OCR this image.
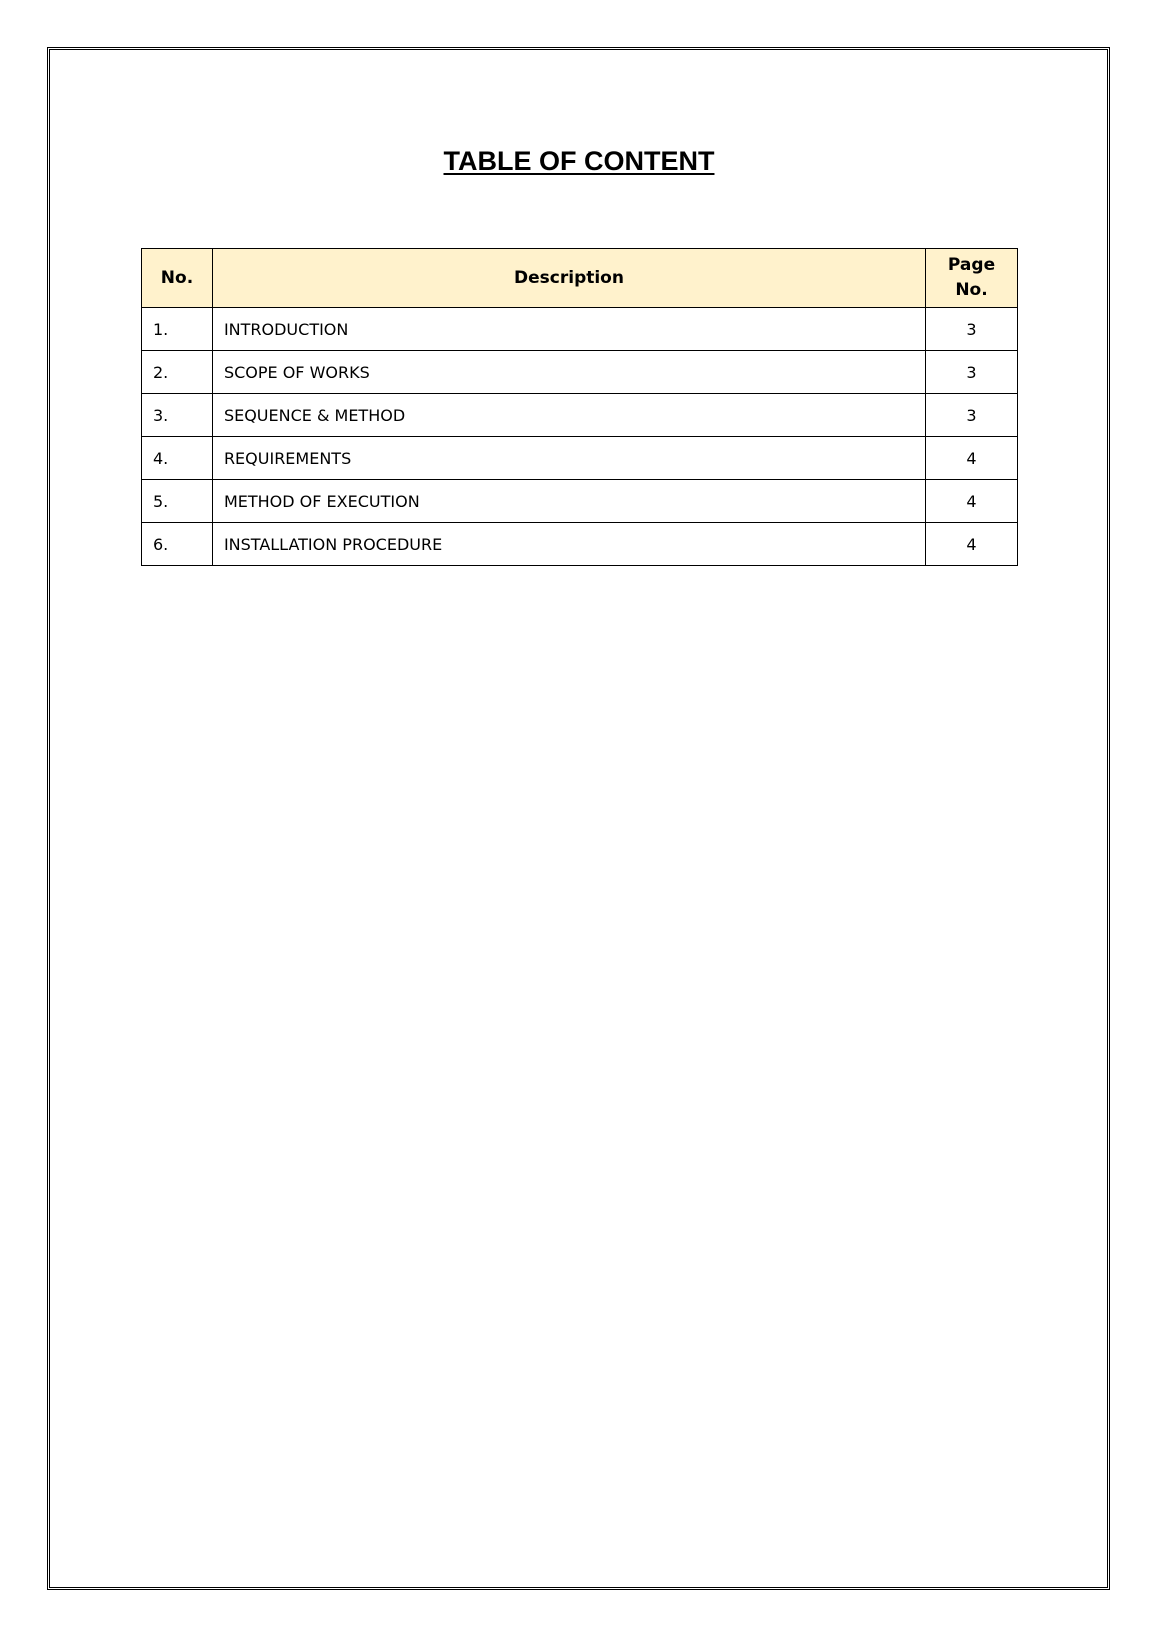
TABLE OF CONTENT
No.	Description	Page
No.

1.	INTRODUCTION	3
2.	SCOPE OF WORKS	3
3.	SEQUENCE & METHOD	3
4.	REQUIREMENTS	4
5.	METHOD OF EXECUTION	4
6.	INSTALLATION PROCEDURE	4
